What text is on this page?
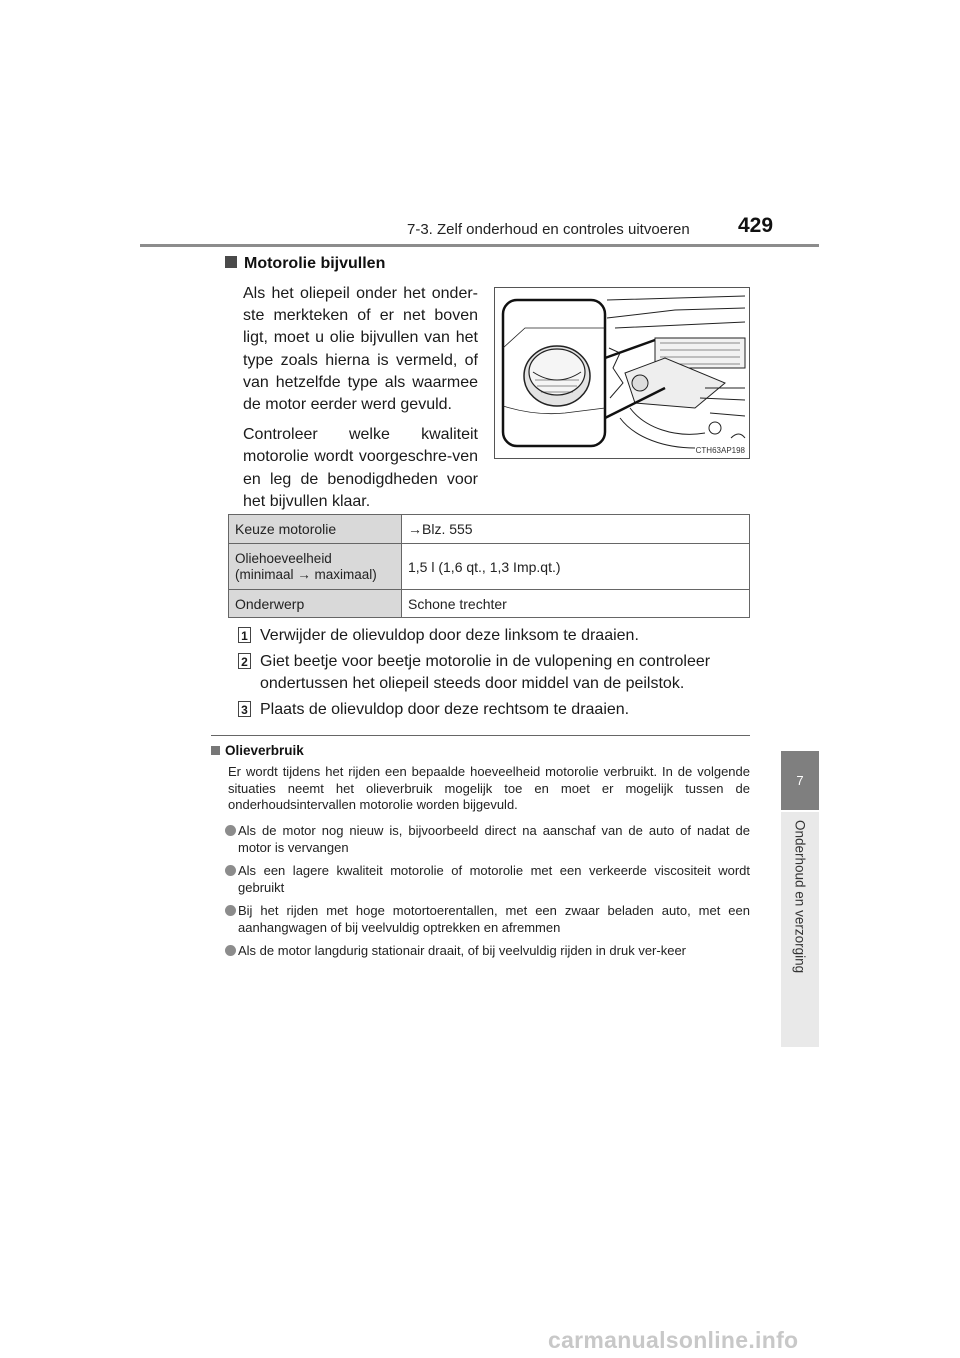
7-3. Zelf onderhoud en controles uitvoeren 429
7
Onderhoud en verzorging
Motorolie bijvullen

Als het oliepeil onder het onder-ste merkteken of er net boven ligt, moet u olie bijvullen van het type zoals hierna is vermeld, of van hetzelfde type als waarmee de motor eerder werd gevuld.

Controleer welke kwaliteit motorolie wordt voorgeschre-ven en leg de benodigdheden voor het bijvullen klaar.

CTH63AP198
Keuze motorolie	→Blz. 555

Oliehoeveelheid
(minimaal → maximaal)	1,5 l (1,6 qt., 1,3 Imp.qt.)
Onderwerp	Schone trechter
1 Verwijder de olievuldop door deze linksom te draaien.
2 Giet beetje voor beetje motorolie in de vulopening en controleer ondertussen het oliepeil steeds door middel van de peilstok.
3 Plaats de olievuldop door deze rechtsom te draaien.
Olieverbruik
Er wordt tijdens het rijden een bepaalde hoeveelheid motorolie verbruikt. In de volgende situaties neemt het olieverbruik mogelijk toe en moet er mogelijk tussen de onderhoudsintervallen motorolie worden bijgevuld.
Als de motor nog nieuw is, bijvoorbeeld direct na aanschaf van de auto of nadat de motor is vervangen
Als een lagere kwaliteit motorolie of motorolie met een verkeerde viscositeit wordt gebruikt
Bij het rijden met hoge motortoerentallen, met een zwaar beladen auto, met een aanhangwagen of bij veelvuldig optrekken en afremmen
Als de motor langdurig stationair draait, of bij veelvuldig rijden in druk ver-keer
carmanualsonline.info
